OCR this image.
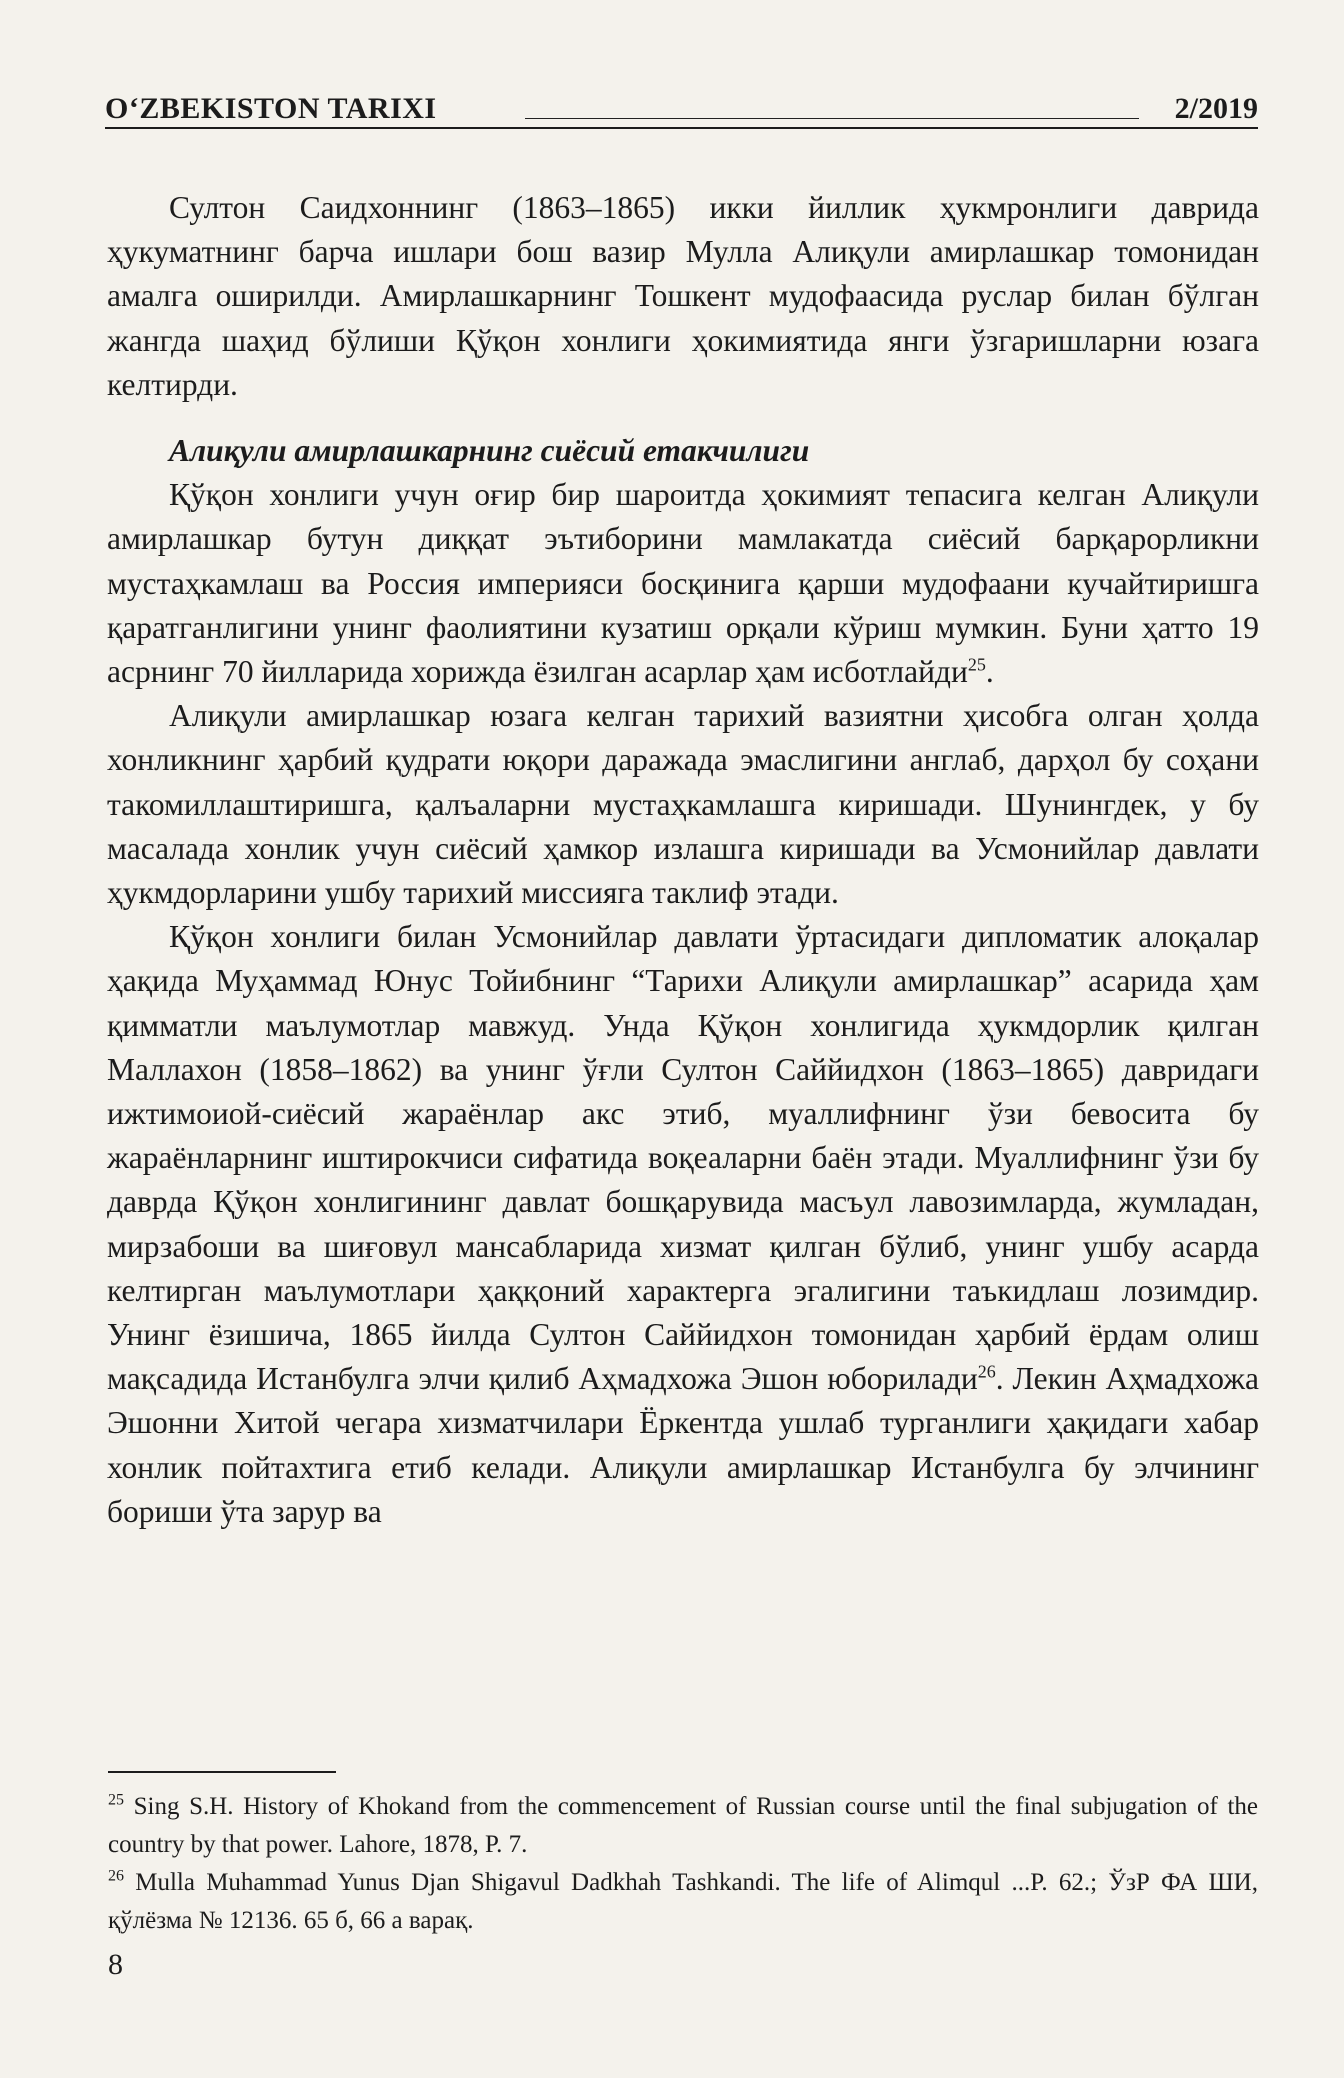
O‘ZBEKISTON TARIXI	2/2019

Султон Саидхоннинг (1863–1865) икки йиллик ҳукмронлиги даврида ҳукуматнинг барча ишлари бош вазир Мулла Алиқули амирлашкар томонидан амалга оширилди. Амирлашкарнинг Тошкент мудофаасида руслар билан бўлган жангда шаҳид бўлиши Қўқон хонлиги ҳокимиятида янги ўзгаришларни юзага келтирди.

Алиқули амирлашкарнинг сиёсий етакчилиги

Қўқон хонлиги учун оғир бир шароитда ҳокимият тепасига келган Алиқули амирлашкар бутун диққат эътиборини мамлакатда сиёсий барқарорликни мустаҳкамлаш ва Россия империяси босқинига қарши мудофаани кучайтиришга қаратганлигини унинг фаолиятини кузатиш орқали кўриш мумкин. Буни ҳатто 19 асрнинг 70 йилларида хорижда ёзилган асарлар ҳам исботлайди$^{25}$.

Алиқули амирлашкар юзага келган тарихий вазиятни ҳисобга олган ҳолда хонликнинг ҳарбий қудрати юқори даражада эмаслигини англаб, дарҳол бу соҳани такомиллаштиришга, қалъаларни мустаҳкамлашга киришади. Шунингдек, у бу масалада хонлик учун сиёсий ҳамкор излашга киришади ва Усмонийлар давлати ҳукмдорларини ушбу тарихий миссияга таклиф этади.

Қўқон хонлиги билан Усмонийлар давлати ўртасидаги дипломатик алоқалар ҳақида Муҳаммад Юнус Тойибнинг “Тарихи Алиқули амирлашкар” асарида ҳам қимматли маълумотлар мавжуд. Унда Қўқон хонлигида ҳукмдорлик қилган Маллахон (1858–1862) ва унинг ўғли Султон Саййидхон (1863–1865) давридаги ижтимоиой-сиёсий жараёнлар акс этиб, муаллифнинг ўзи бевосита бу жараёнларнинг иштирокчиси сифатида воқеаларни баён этади. Муаллифнинг ўзи бу даврда Қўқон хонлигининг давлат бошқарувида масъул лавозимларда, жумладан, мирзабоши ва шиғовул мансабларида хизмат қилган бўлиб, унинг ушбу асарда келтирган маълумотлари ҳаққоний характерга эгалигини таъкидлаш лозимдир. Унинг ёзишича, 1865 йилда Султон Саййидхон томонидан ҳарбий ёрдам олиш мақсадида Истанбулга элчи қилиб Аҳмадхожа Эшон юборилади$^{26}$. Лекин Аҳмадхожа Эшонни Хитой чегара хизматчилари Ёркентда ушлаб турганлиги ҳақидаги хабар хонлик пойтахтига етиб келади. Алиқули амирлашкар Истанбулга бу элчининг бориши ўта зарур ва

$^{25}$ Sing S.H. History of Khokand from the commencement of Russian course until the final subjugation of the country by that power. Lahore, 1878, P. 7.

$^{26}$ Mulla Muhammad Yunus Djan Shigavul Dadkhah Tashkandi. The life of Alimqul ...P. 62.; ЎзР ФА ШИ, қўлёзма № 12136. 65 б, 66 а варақ.

8
